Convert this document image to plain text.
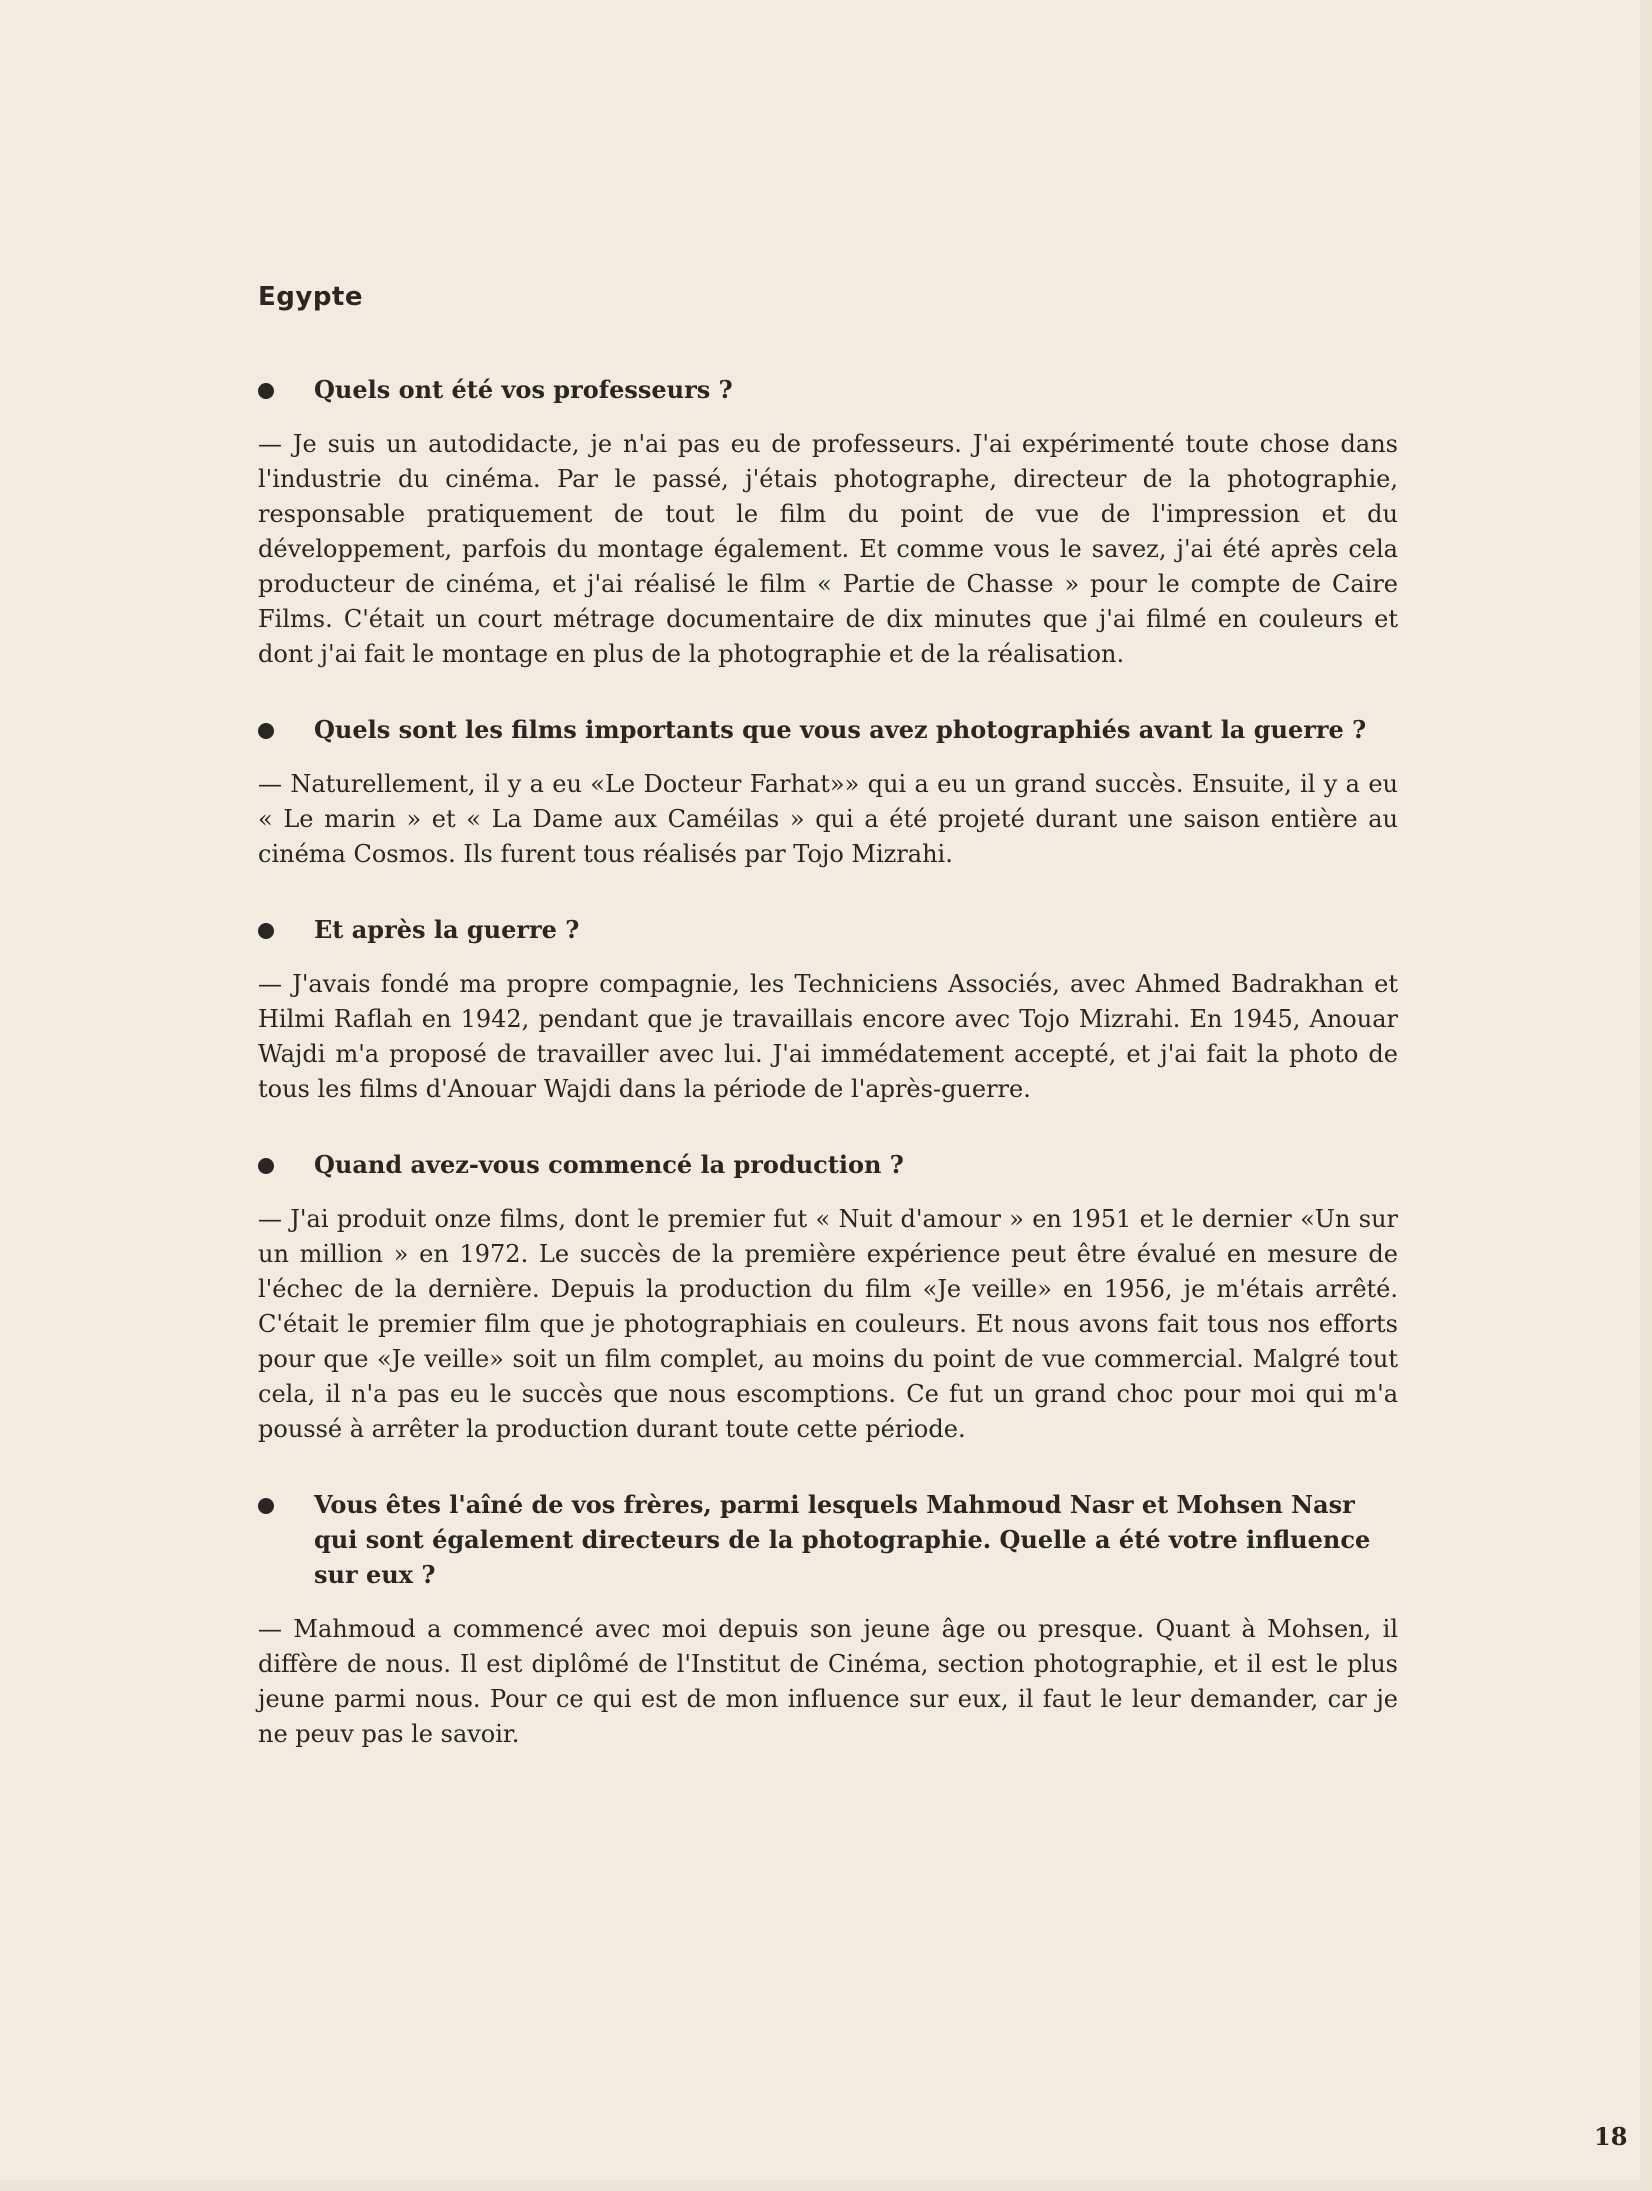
Egypte
Quels ont été vos professeurs ?

— Je suis un autodidacte, je n'ai pas eu de professeurs. J'ai expérimenté toute chose dans l'industrie du cinéma. Par le passé, j'étais photographe, directeur de la photographie, responsable pratiquement de tout le film du point de vue de l'impression et du développement, parfois du montage également. Et comme vous le savez, j'ai été après cela producteur de cinéma, et j'ai réalisé le film « Partie de Chasse » pour le compte de Caire Films. C'était un court métrage documentaire de dix minutes que j'ai filmé en couleurs et dont j'ai fait le montage en plus de la photographie et de la réalisation.

Quels sont les films importants que vous avez photographiés avant la guerre ?

— Naturellement, il y a eu «Le Docteur Farhat»» qui a eu un grand succès. Ensuite, il y a eu « Le marin » et « La Dame aux Caméilas » qui a été projeté durant une saison entière au cinéma Cosmos. Ils furent tous réalisés par Tojo Mizrahi.

Et après la guerre ?

— J'avais fondé ma propre compagnie, les Techniciens Associés, avec Ahmed Badrakhan et Hilmi Raflah en 1942, pendant que je travaillais encore avec Tojo Mizrahi. En 1945, Anouar Wajdi m'a proposé de travailler avec lui. J'ai immédatement accepté, et j'ai fait la photo de tous les films d'Anouar Wajdi dans la période de l'après-guerre.

Quand avez-vous commencé la production ?

— J'ai produit onze films, dont le premier fut « Nuit d'amour » en 1951 et le dernier «Un sur un million » en 1972. Le succès de la première expérience peut être évalué en mesure de l'échec de la dernière. Depuis la production du film «Je veille» en 1956, je m'étais arrêté. C'était le premier film que je photographiais en couleurs. Et nous avons fait tous nos efforts pour que «Je veille» soit un film complet, au moins du point de vue commercial. Malgré tout cela, il n'a pas eu le succès que nous escomptions. Ce fut un grand choc pour moi qui m'a poussé à arrêter la production durant toute cette période.

Vous êtes l'aîné de vos frères, parmi lesquels Mahmoud Nasr et Mohsen Nasr qui sont également directeurs de la photographie. Quelle a été votre influence sur eux ?

— Mahmoud a commencé avec moi depuis son jeune âge ou presque. Quant à Mohsen, il diffère de nous. Il est diplômé de l'Institut de Cinéma, section photographie, et il est le plus jeune parmi nous. Pour ce qui est de mon influence sur eux, il faut le leur demander, car je ne peuv pas le savoir.

18
